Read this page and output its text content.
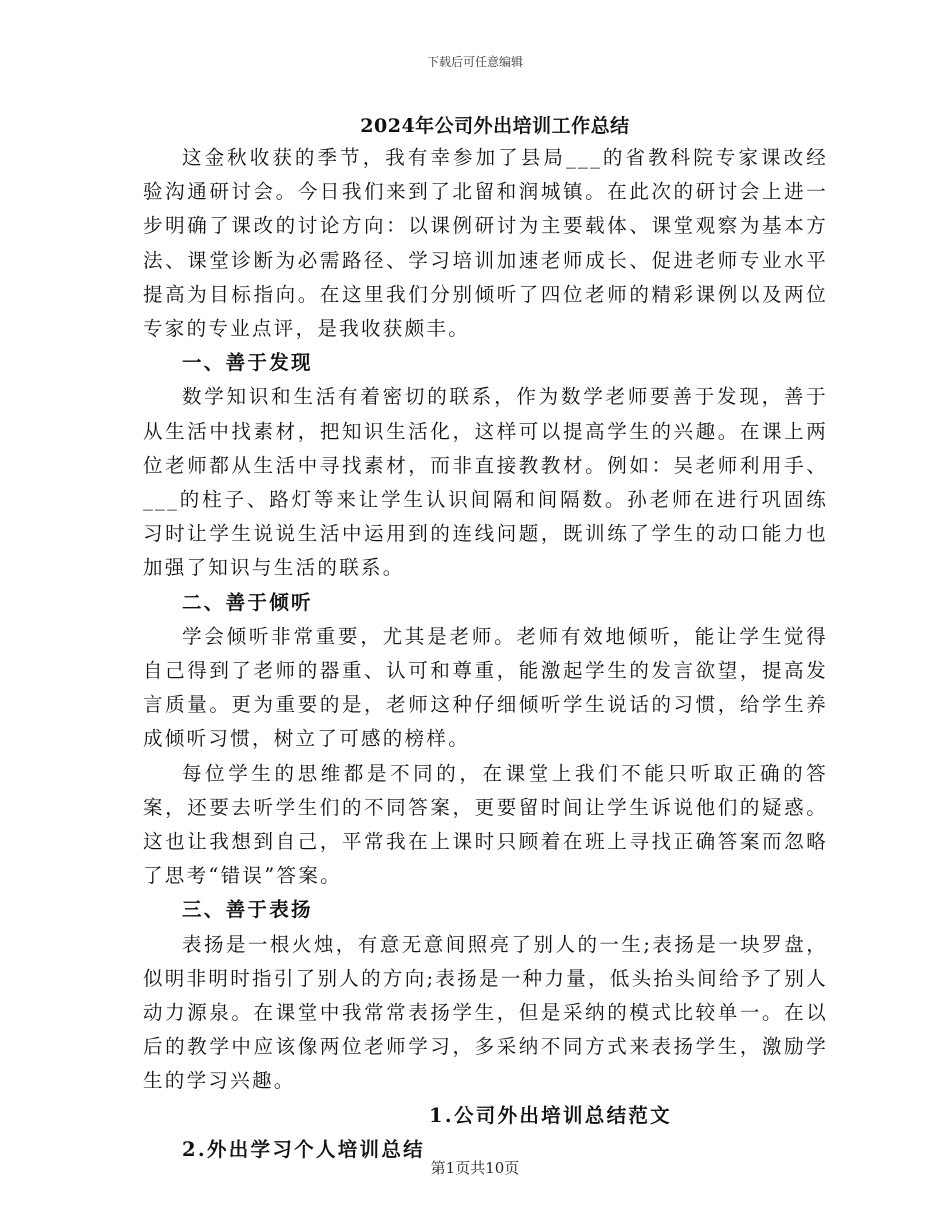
下载后可任意编辑
2024年公司外出培训工作总结

这金秋收获的季节，我有幸参加了县局___的省教科院专家课改经验沟通研讨会。今日我们来到了北留和润城镇。在此次的研讨会上进一步明确了课改的讨论方向：以课例研讨为主要载体、课堂观察为基本方法、课堂诊断为必需路径、学习培训加速老师成长、促进老师专业水平提高为目标指向。在这里我们分别倾听了四位老师的精彩课例以及两位专家的专业点评，是我收获颇丰。

一、善于发现

数学知识和生活有着密切的联系，作为数学老师要善于发现，善于从生活中找素材，把知识生活化，这样可以提高学生的兴趣。在课上两位老师都从生活中寻找素材，而非直接教教材。例如：吴老师利用手、___的柱子、路灯等来让学生认识间隔和间隔数。孙老师在进行巩固练习时让学生说说生活中运用到的连线问题，既训练了学生的动口能力也加强了知识与生活的联系。

二、善于倾听

学会倾听非常重要，尤其是老师。老师有效地倾听，能让学生觉得自己得到了老师的器重、认可和尊重，能激起学生的发言欲望，提高发言质量。更为重要的是，老师这种仔细倾听学生说话的习惯，给学生养成倾听习惯，树立了可感的榜样。

每位学生的思维都是不同的，在课堂上我们不能只听取正确的答案，还要去听学生们的不同答案，更要留时间让学生诉说他们的疑惑。这也让我想到自己，平常我在上课时只顾着在班上寻找正确答案而忽略了思考“错误”答案。

三、善于表扬

表扬是一根火烛，有意无意间照亮了别人的一生;表扬是一块罗盘，似明非明时指引了别人的方向;表扬是一种力量，低头抬头间给予了别人动力源泉。在课堂中我常常表扬学生，但是采纳的模式比较单一。在以后的教学中应该像两位老师学习，多采纳不同方式来表扬学生，激励学生的学习兴趣。

1.公司外出培训总结范文
2.外出学习个人培训总结
第1页共10页
